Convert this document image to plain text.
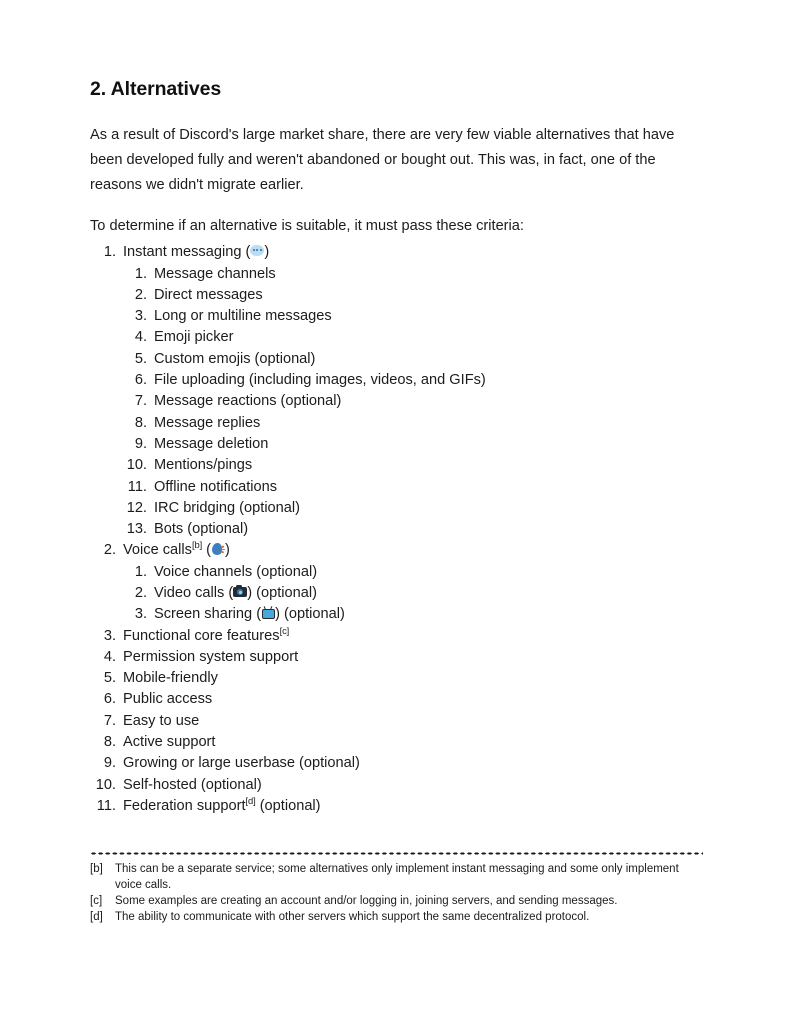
2. Alternatives

As a result of Discord's large market share, there are very few viable alternatives that have been developed fully and weren't abandoned or bought out. This was, in fact, one of the reasons we didn't migrate earlier.

To determine if an alternative is suitable, it must pass these criteria:

1. Instant messaging ( )
1. Message channels
2. Direct messages
3. Long or multiline messages
4. Emoji picker
5. Custom emojis (optional)
6. File uploading (including images, videos, and GIFs)
7. Message reactions (optional)
8. Message replies
9. Message deletion
10. Mentions/pings
11. Offline notifications
12. IRC bridging (optional)
13. Bots (optional)
2. Voice calls[b] ( )
1. Voice channels (optional)
2. Video calls ( ) (optional)
3. Screen sharing ( ) (optional)
3. Functional core features[c]
4. Permission system support
5. Mobile-friendly
6. Public access
7. Easy to use
8. Active support
9. Growing or large userbase (optional)
10. Self-hosted (optional)
11. Federation support[d] (optional)
[b] This can be a separate service; some alternatives only implement instant messaging and some only implement voice calls.
[c] Some examples are creating an account and/or logging in, joining servers, and sending messages.
[d] The ability to communicate with other servers which support the same decentralized protocol.
